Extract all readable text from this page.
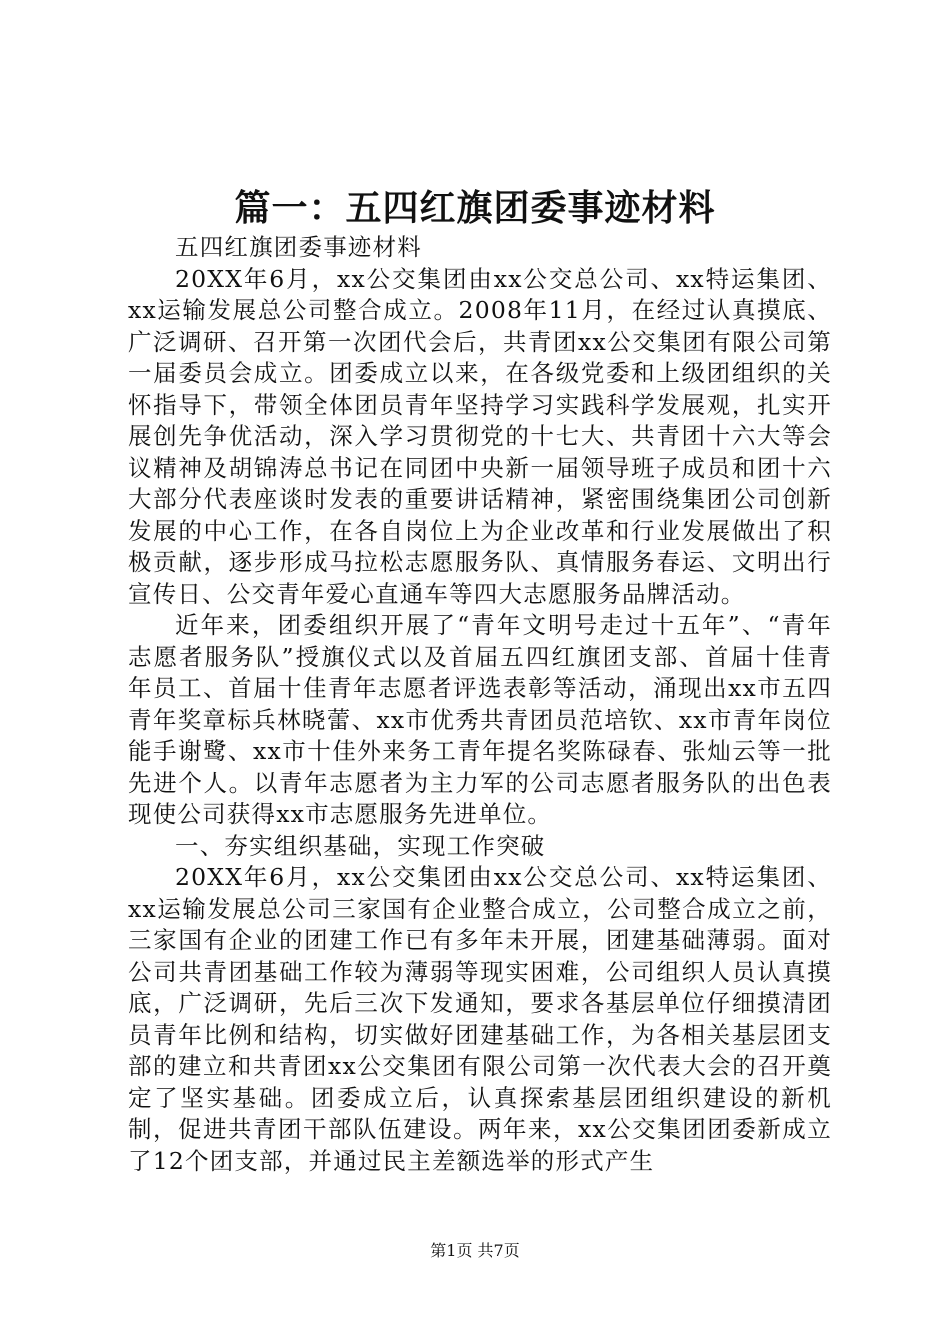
篇一：五四红旗团委事迹材料

五四红旗团委事迹材料

20XX年6月，xx公交集团由xx公交总公司、xx特运集团、xx运输发展总公司整合成立。2008年11月，在经过认真摸底、广泛调研、召开第一次团代会后，共青团xx公交集团有限公司第一届委员会成立。团委成立以来，在各级党委和上级团组织的关怀指导下，带领全体团员青年坚持学习实践科学发展观，扎实开展创先争优活动，深入学习贯彻党的十七大、共青团十六大等会议精神及胡锦涛总书记在同团中央新一届领导班子成员和团十六大部分代表座谈时发表的重要讲话精神，紧密围绕集团公司创新发展的中心工作，在各自岗位上为企业改革和行业发展做出了积极贡献，逐步形成马拉松志愿服务队、真情服务春运、文明出行宣传日、公交青年爱心直通车等四大志愿服务品牌活动。

近年来，团委组织开展了“青年文明号走过十五年”、“青年志愿者服务队”授旗仪式以及首届五四红旗团支部、首届十佳青年员工、首届十佳青年志愿者评选表彰等活动，涌现出xx市五四青年奖章标兵林晓蕾、xx市优秀共青团员范培钦、xx市青年岗位能手谢鹭、xx市十佳外来务工青年提名奖陈碌春、张灿云等一批先进个人。以青年志愿者为主力军的公司志愿者服务队的出色表现使公司获得xx市志愿服务先进单位。

一、夯实组织基础，实现工作突破

20XX年6月，xx公交集团由xx公交总公司、xx特运集团、xx运输发展总公司三家国有企业整合成立，公司整合成立之前，三家国有企业的团建工作已有多年未开展，团建基础薄弱。面对公司共青团基础工作较为薄弱等现实困难，公司组织人员认真摸底，广泛调研，先后三次下发通知，要求各基层单位仔细摸清团员青年比例和结构，切实做好团建基础工作，为各相关基层团支部的建立和共青团xx公交集团有限公司第一次代表大会的召开奠定了坚实基础。团委成立后，认真探索基层团组织建设的新机制，促进共青团干部队伍建设。两年来，xx公交集团团委新成立了12个团支部，并通过民主差额选举的形式产生

第1页 共7页
